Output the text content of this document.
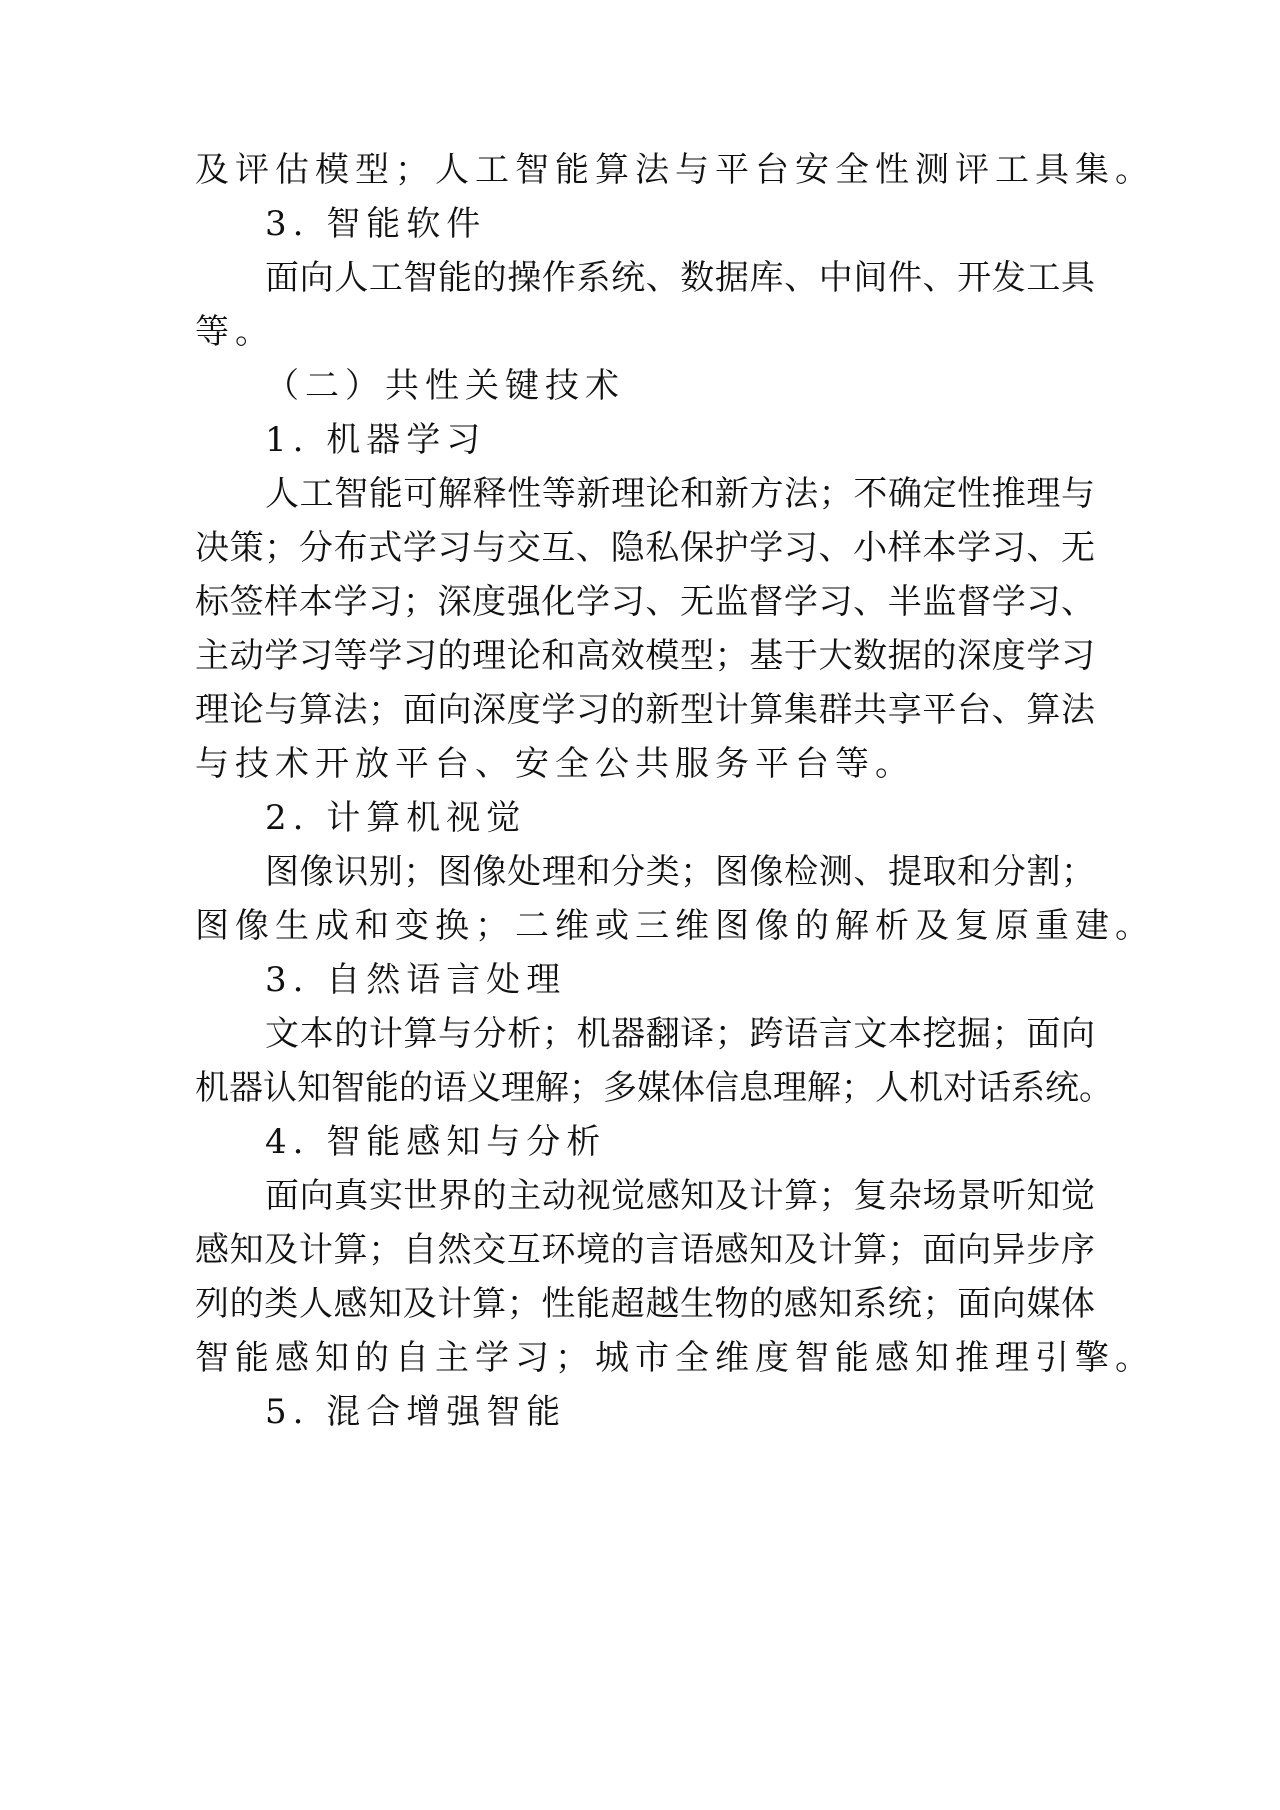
及评估模型；人工智能算法与平台安全性测评工具集。
3. 智能软件
面向人工智能的操作系统、数据库、中间件、开发工具
等。
（二）共性关键技术
1. 机器学习
人工智能可解释性等新理论和新方法；不确定性推理与
决策；分布式学习与交互、隐私保护学习、小样本学习、无
标签样本学习；深度强化学习、无监督学习、半监督学习、
主动学习等学习的理论和高效模型；基于大数据的深度学习
理论与算法；面向深度学习的新型计算集群共享平台、算法
与技术开放平台、安全公共服务平台等。
2. 计算机视觉
图像识别；图像处理和分类；图像检测、提取和分割；
图像生成和变换；二维或三维图像的解析及复原重建。
3. 自然语言处理
文本的计算与分析；机器翻译；跨语言文本挖掘；面向
机器认知智能的语义理解；多媒体信息理解；人机对话系统。
4. 智能感知与分析
面向真实世界的主动视觉感知及计算；复杂场景听知觉
感知及计算；自然交互环境的言语感知及计算；面向异步序
列的类人感知及计算；性能超越生物的感知系统；面向媒体
智能感知的自主学习；城市全维度智能感知推理引擎。
5. 混合增强智能
